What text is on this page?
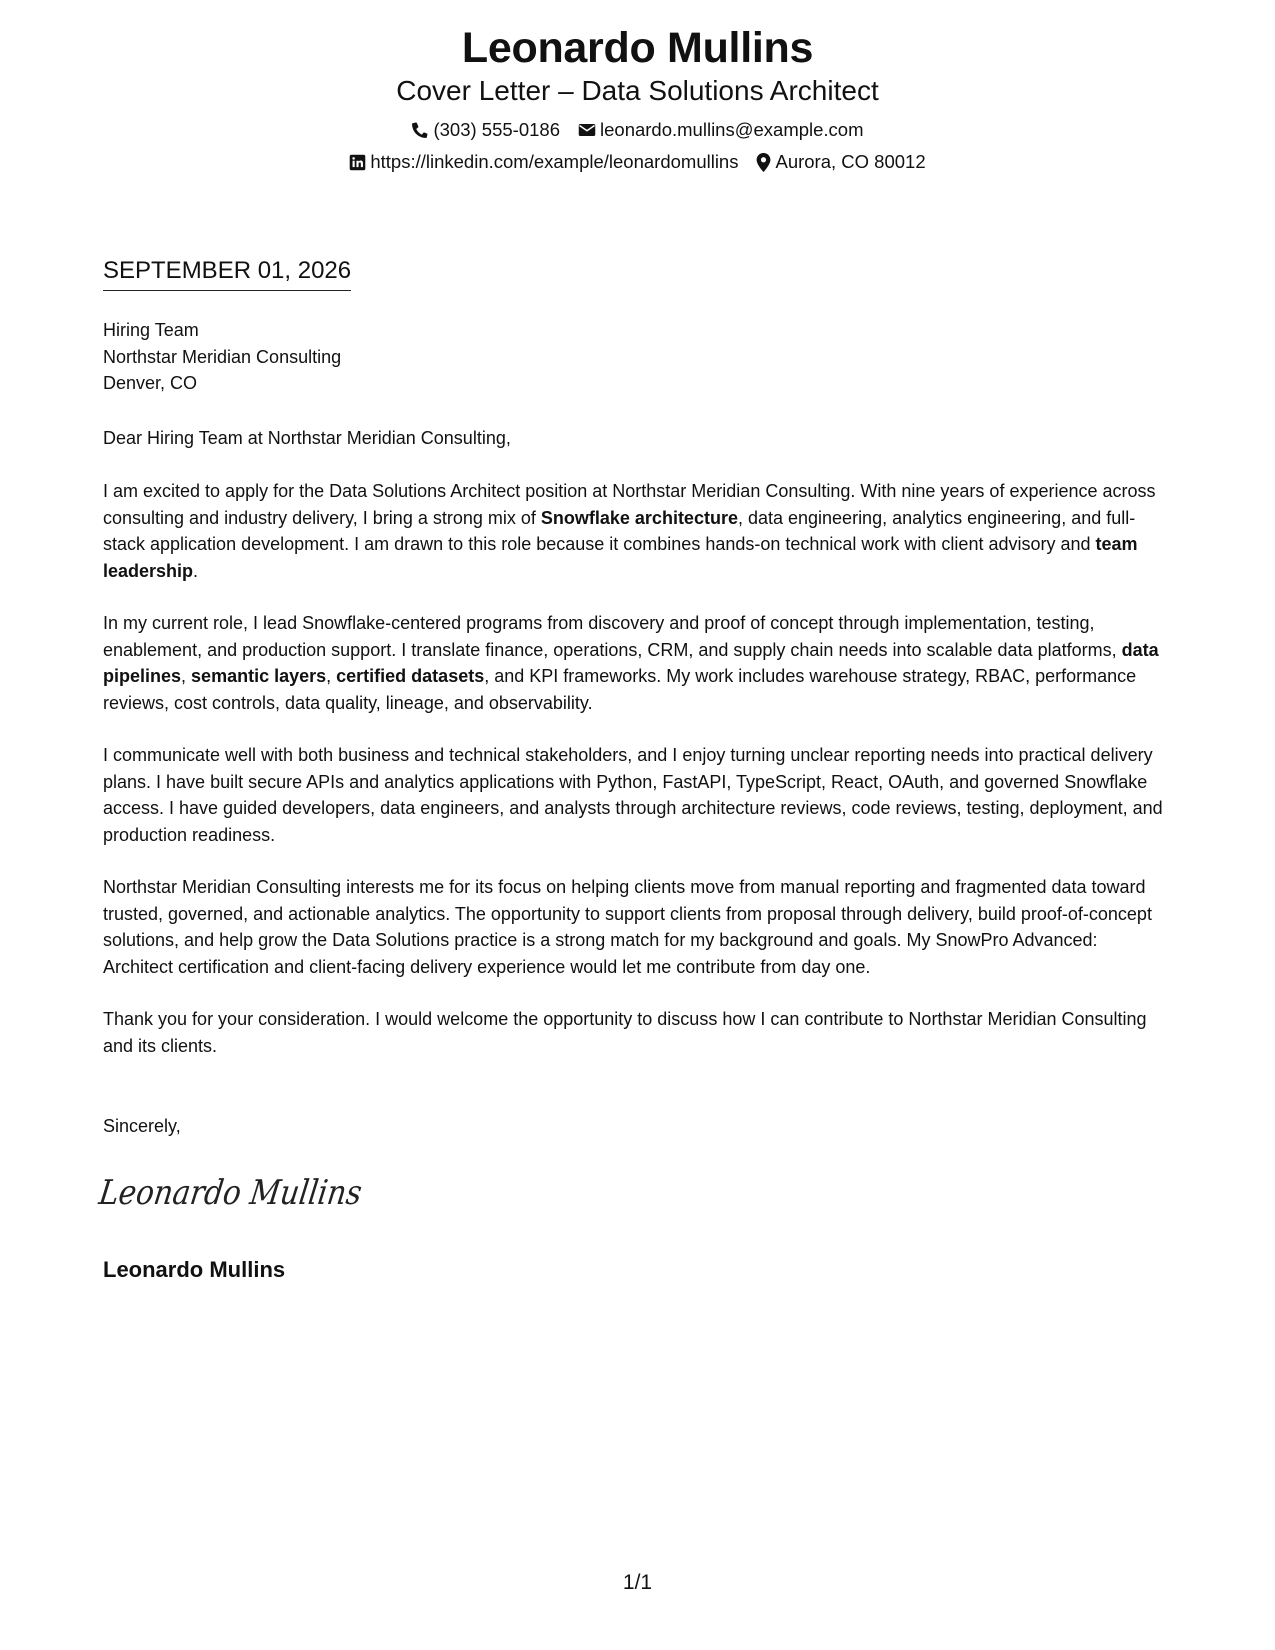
Leonardo Mullins
Cover Letter – Data Solutions Architect
(303) 555-0186 leonardo.mullins@example.com
https://linkedin.com/example/leonardomullins Aurora, CO 80012
SEPTEMBER 01, 2026
Hiring Team
Northstar Meridian Consulting
Denver, CO
Dear Hiring Team at Northstar Meridian Consulting,

I am excited to apply for the Data Solutions Architect position at Northstar Meridian Consulting. With nine years of experience across consulting and industry delivery, I bring a strong mix of Snowflake architecture, data engineering, analytics engineering, and full-stack application development. I am drawn to this role because it combines hands-on technical work with client advisory and team leadership.

In my current role, I lead Snowflake-centered programs from discovery and proof of concept through implementation, testing, enablement, and production support. I translate finance, operations, CRM, and supply chain needs into scalable data platforms, data pipelines, semantic layers, certified datasets, and KPI frameworks. My work includes warehouse strategy, RBAC, performance reviews, cost controls, data quality, lineage, and observability.

I communicate well with both business and technical stakeholders, and I enjoy turning unclear reporting needs into practical delivery plans. I have built secure APIs and analytics applications with Python, FastAPI, TypeScript, React, OAuth, and governed Snowflake access. I have guided developers, data engineers, and analysts through architecture reviews, code reviews, testing, deployment, and production readiness.

Northstar Meridian Consulting interests me for its focus on helping clients move from manual reporting and fragmented data toward trusted, governed, and actionable analytics. The opportunity to support clients from proposal through delivery, build proof-of-concept solutions, and help grow the Data Solutions practice is a strong match for my background and goals. My SnowPro Advanced: Architect certification and client-facing delivery experience would let me contribute from day one.

Thank you for your consideration. I would welcome the opportunity to discuss how I can contribute to Northstar Meridian Consulting and its clients.

Sincerely,
Leonardo Mullins
Leonardo Mullins
1/1
